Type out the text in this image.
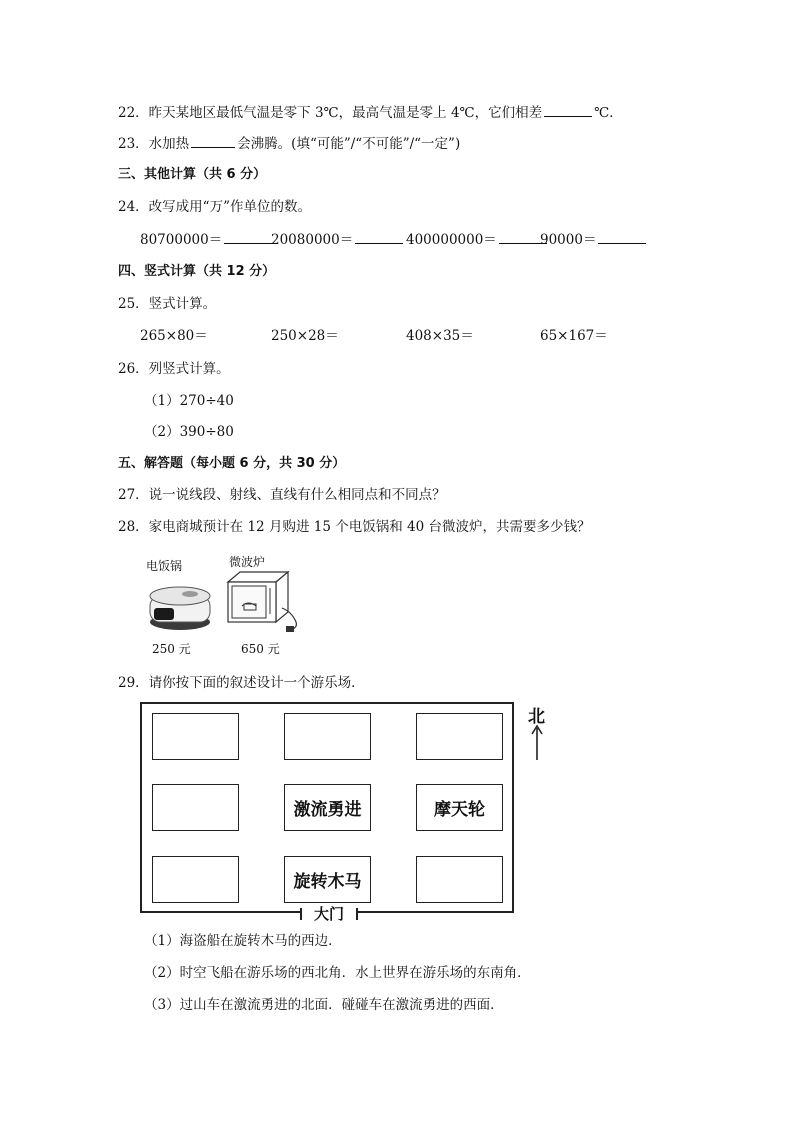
22．昨天某地区最低气温是零下 3℃，最高气温是零上 4℃，它们相差	℃．
23．水加热	会沸腾。(填“可能”/“不可能”/“一定”)
三、其他计算（共 6 分）
24．改写成用“万”作单位的数。
80700000＝	20080000＝	400000000＝	90000＝
四、竖式计算（共 12 分）
25．竖式计算。
265×80＝	250×28＝	408×35＝	65×167＝
26．列竖式计算。
（1）270÷40
（2）390÷80
五、解答题（每小题 6 分，共 30 分）
27．说一说线段、射线、直线有什么相同点和不同点？
28．家电商城预计在 12 月购进 15 个电饭锅和 40 台微波炉，共需要多少钱？
电饭锅	微波炉
250 元	650 元
29．请你按下面的叙述设计一个游乐场．
激流勇进	摩天轮
旋转木马
大门
北
（1）海盗船在旋转木马的西边．
（2）时空飞船在游乐场的西北角．水上世界在游乐场的东南角．
（3）过山车在激流勇进的北面．碰碰车在激流勇进的西面．
